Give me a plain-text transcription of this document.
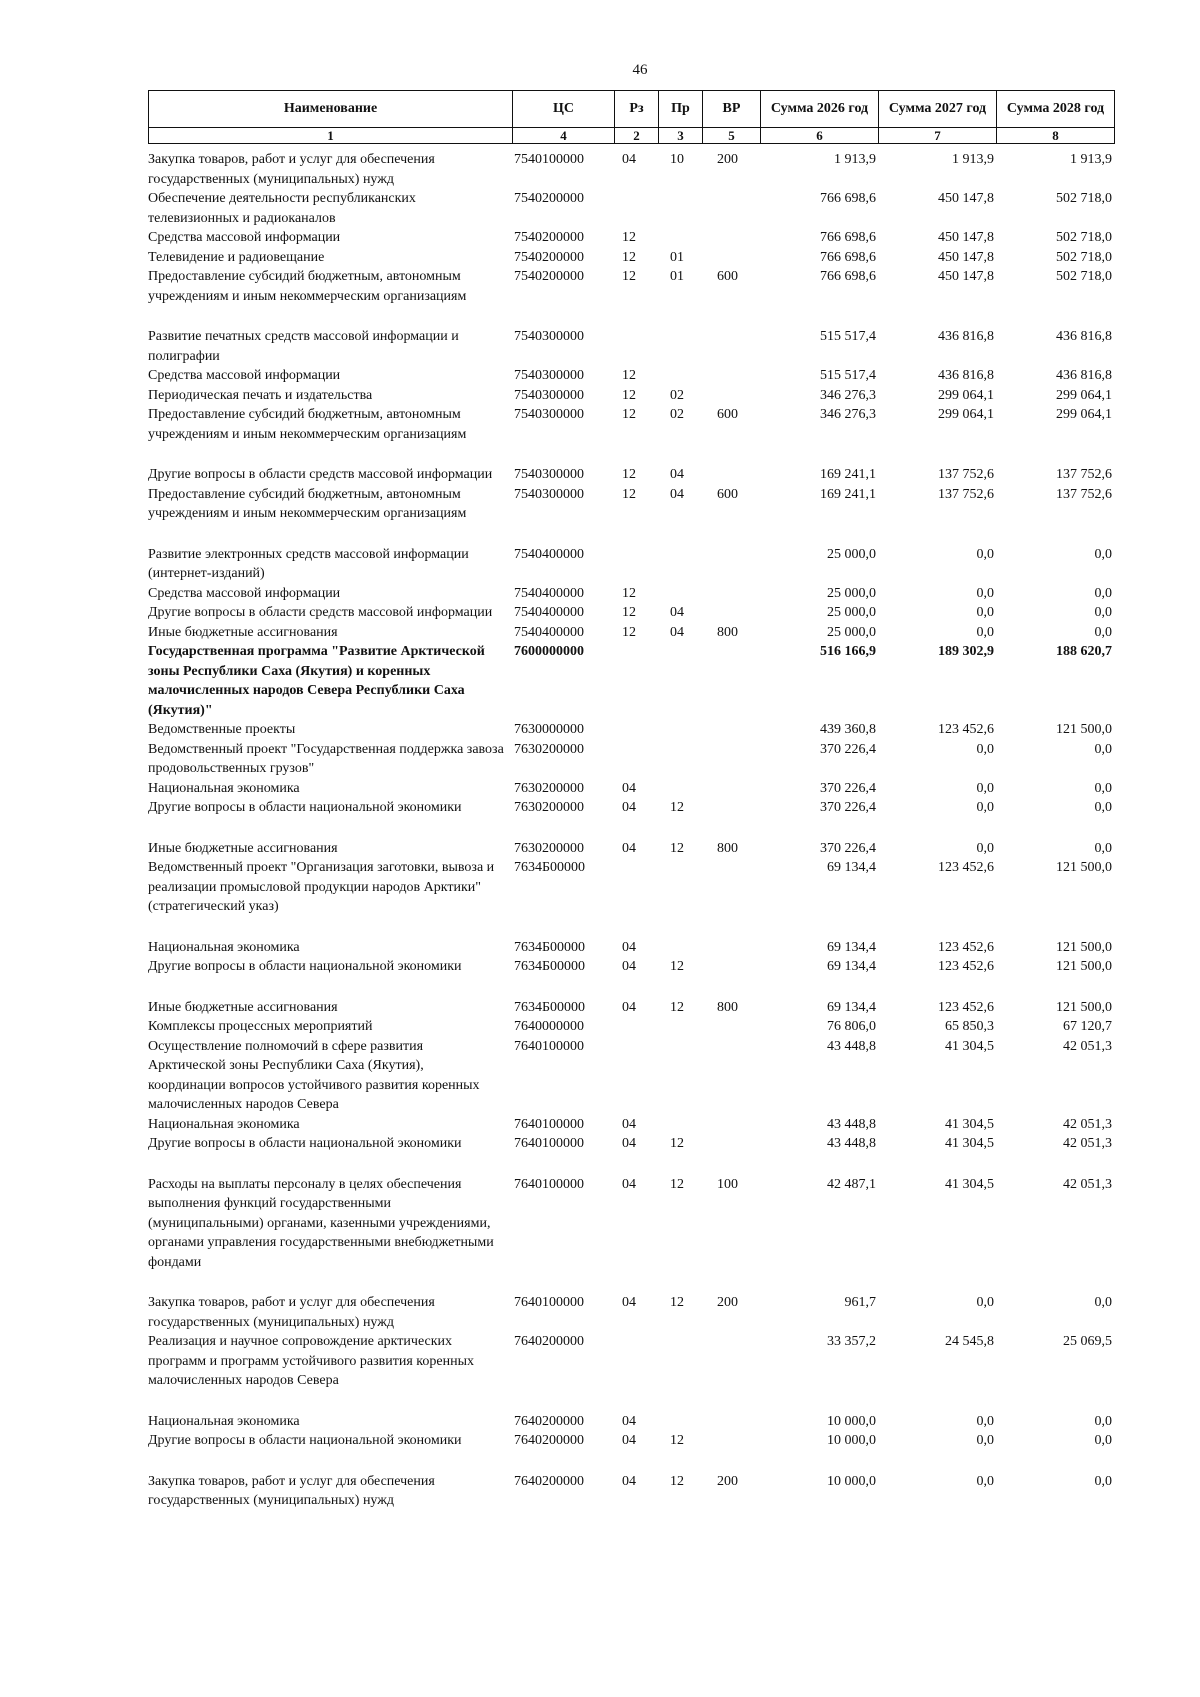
46
Наименование	ЦС	Рз	Пр	ВР	Сумма 2026 год	Сумма 2027 год	Сумма 2028 год
1	4	2	3	5	6	7	8
Закупка товаров, работ и услуг для обеспечения государственных (муниципальных) нужд	7540100000	04	10	200	1 913,9	1 913,9	1 913,9
Обеспечение деятельности республиканских телевизионных и радиоканалов	7540200000				766 698,6	450 147,8	502 718,0
Средства массовой информации	7540200000	12			766 698,6	450 147,8	502 718,0
Телевидение и радиовещание	7540200000	12	01		766 698,6	450 147,8	502 718,0
Предоставление субсидий бюджетным, автономным учреждениям и иным некоммерческим организациям	7540200000	12	01	600	766 698,6	450 147,8	502 718,0
Развитие печатных средств массовой информации и полиграфии	7540300000				515 517,4	436 816,8	436 816,8
Средства массовой информации	7540300000	12			515 517,4	436 816,8	436 816,8
Периодическая печать и издательства	7540300000	12	02		346 276,3	299 064,1	299 064,1
Предоставление субсидий бюджетным, автономным учреждениям и иным некоммерческим организациям	7540300000	12	02	600	346 276,3	299 064,1	299 064,1
Другие вопросы в области средств массовой информации	7540300000	12	04		169 241,1	137 752,6	137 752,6
Предоставление субсидий бюджетным, автономным учреждениям и иным некоммерческим организациям	7540300000	12	04	600	169 241,1	137 752,6	137 752,6
Развитие электронных средств массовой информации (интернет-изданий)	7540400000				25 000,0	0,0	0,0
Средства массовой информации	7540400000	12			25 000,0	0,0	0,0
Другие вопросы в области средств массовой информации	7540400000	12	04		25 000,0	0,0	0,0
Иные бюджетные ассигнования	7540400000	12	04	800	25 000,0	0,0	0,0
Государственная программа "Развитие Арктической зоны Республики Саха (Якутия) и коренных малочисленных народов Севера Республики Саха (Якутия)"	7600000000				516 166,9	189 302,9	188 620,7
Ведомственные проекты	7630000000				439 360,8	123 452,6	121 500,0
Ведомственный проект "Государственная поддержка завоза продовольственных грузов"	7630200000				370 226,4	0,0	0,0
Национальная экономика	7630200000	04			370 226,4	0,0	0,0
Другие вопросы в области национальной экономики	7630200000	04	12		370 226,4	0,0	0,0
Иные бюджетные ассигнования	7630200000	04	12	800	370 226,4	0,0	0,0
Ведомственный проект "Организация заготовки, вывоза и реализации промысловой продукции народов Арктики" (стратегический указ)	7634Б00000				69 134,4	123 452,6	121 500,0
Национальная экономика	7634Б00000	04			69 134,4	123 452,6	121 500,0
Другие вопросы в области национальной экономики	7634Б00000	04	12		69 134,4	123 452,6	121 500,0
Иные бюджетные ассигнования	7634Б00000	04	12	800	69 134,4	123 452,6	121 500,0
Комплексы процессных мероприятий	7640000000				76 806,0	65 850,3	67 120,7
Осуществление полномочий в сфере развития Арктической зоны Республики Саха (Якутия), координации вопросов устойчивого развития коренных малочисленных народов Севера	7640100000				43 448,8	41 304,5	42 051,3
Национальная экономика	7640100000	04			43 448,8	41 304,5	42 051,3
Другие вопросы в области национальной экономики	7640100000	04	12		43 448,8	41 304,5	42 051,3
Расходы на выплаты персоналу в целях обеспечения выполнения функций государственными (муниципальными) органами, казенными учреждениями, органами управления государственными внебюджетными фондами	7640100000	04	12	100	42 487,1	41 304,5	42 051,3
Закупка товаров, работ и услуг для обеспечения государственных (муниципальных) нужд	7640100000	04	12	200	961,7	0,0	0,0
Реализация и научное сопровождение арктических программ и программ устойчивого развития коренных малочисленных народов Севера	7640200000				33 357,2	24 545,8	25 069,5
Национальная экономика	7640200000	04			10 000,0	0,0	0,0
Другие вопросы в области национальной экономики	7640200000	04	12		10 000,0	0,0	0,0
Закупка товаров, работ и услуг для обеспечения государственных (муниципальных) нужд	7640200000	04	12	200	10 000,0	0,0	0,0
